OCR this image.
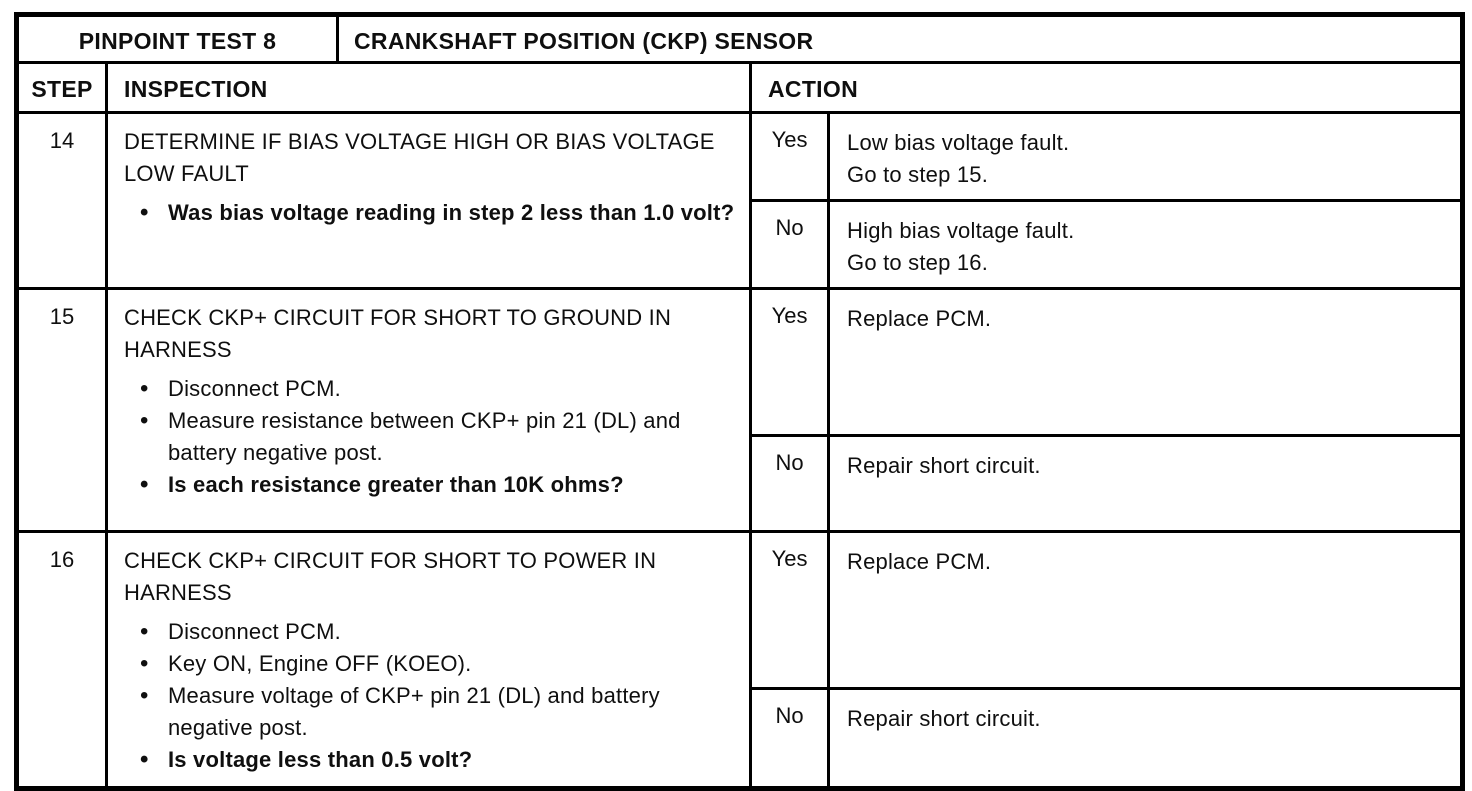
PINPOINT TEST 8		CRANKSHAFT POSITION (CKP) SENSOR		
STEP	INSPECTION		ACTION	
14	DETERMINE IF BIAS VOLTAGE HIGH OR BIAS VOLTAGE LOW FAULT
• Was bias voltage reading in step 2 less than 1.0 volt?
	Yes	Low bias voltage fault.
Go to step 15.

			No	High bias voltage fault.
Go to step 16.

15	CHECK CKP+ CIRCUIT FOR SHORT TO GROUND IN HARNESS
• Disconnect PCM.
• Measure resistance between CKP+ pin 21 (DL) and battery negative post.
• Is each resistance greater than 10K ohms?
	Yes	Replace PCM.

			No	Repair short circuit.

16	CHECK CKP+ CIRCUIT FOR SHORT TO POWER IN HARNESS
• Disconnect PCM.
• Key ON, Engine OFF (KOEO).
• Measure voltage of CKP+ pin 21 (DL) and battery negative post.
• Is voltage less than 0.5 volt?
	Yes	Replace PCM.

			No	Repair short circuit.
